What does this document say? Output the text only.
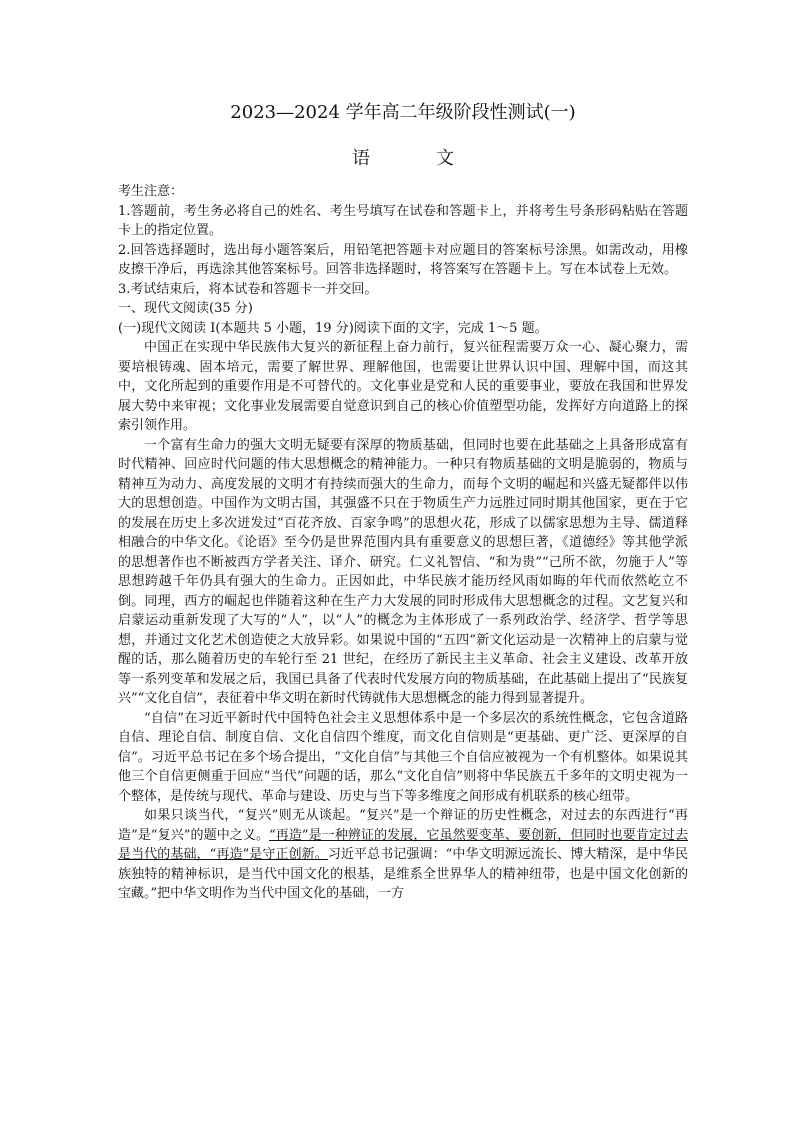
2023—2024 学年高二年级阶段性测试(一)

语　文

考生注意：

1.答题前，考生务必将自己的姓名、考生号填写在试卷和答题卡上，并将考生号条形码粘贴在答题卡上的指定位置。

2.回答选择题时，选出每小题答案后，用铅笔把答题卡对应题目的答案标号涂黑。如需改动，用橡皮擦干净后，再选涂其他答案标号。回答非选择题时，将答案写在答题卡上。写在本试卷上无效。

3.考试结束后，将本试卷和答题卡一并交回。

一、现代文阅读(35 分)

(一)现代文阅读 I(本题共 5 小题，19 分)阅读下面的文字，完成 1～5 题。

中国正在实现中华民族伟大复兴的新征程上奋力前行，复兴征程需要万众一心、凝心聚力，需要培根铸魂、固本培元，需要了解世界、理解他国，也需要让世界认识中国、理解中国，而这其中，文化所起到的重要作用是不可替代的。文化事业是党和人民的重要事业，要放在我国和世界发展大势中来审视；文化事业发展需要自觉意识到自己的核心价值塑型功能，发挥好方向道路上的探索引领作用。

一个富有生命力的强大文明无疑要有深厚的物质基础，但同时也要在此基础之上具备形成富有时代精神、回应时代问题的伟大思想概念的精神能力。一种只有物质基础的文明是脆弱的，物质与精神互为动力、高度发展的文明才有持续而强大的生命力，而每个文明的崛起和兴盛无疑都伴以伟大的思想创造。中国作为文明古国，其强盛不只在于物质生产力远胜过同时期其他国家，更在于它的发展在历史上多次迸发过“百花齐放、百家争鸣”的思想火花，形成了以儒家思想为主导、儒道释相融合的中华文化。《论语》至今仍是世界范围内具有重要意义的思想巨著，《道德经》等其他学派的思想著作也不断被西方学者关注、译介、研究。仁义礼智信、“和为贵”“己所不欲，勿施于人”等思想跨越千年仍具有强大的生命力。正因如此，中华民族才能历经风雨如晦的年代而依然屹立不倒。同理，西方的崛起也伴随着这种在生产力大发展的同时形成伟大思想概念的过程。文艺复兴和启蒙运动重新发现了大写的“人”，以“人”的概念为主体形成了一系列政治学、经济学、哲学等思想，并通过文化艺术创造使之大放异彩。如果说中国的“五四”新文化运动是一次精神上的启蒙与觉醒的话，那么随着历史的车轮行至 21 世纪，在经历了新民主主义革命、社会主义建设、改革开放等一系列变革和发展之后，我国已具备了代表时代发展方向的物质基础，在此基础上提出了“民族复兴”“文化自信”，表征着中华文明在新时代铸就伟大思想概念的能力得到显著提升。

“自信”在习近平新时代中国特色社会主义思想体系中是一个多层次的系统性概念，它包含道路自信、理论自信、制度自信、文化自信四个维度，而文化自信则是“更基础、更广泛、更深厚的自信”。习近平总书记在多个场合提出，“文化自信”与其他三个自信应被视为一个有机整体。如果说其他三个自信更侧重于回应“当代”问题的话，那么“文化自信”则将中华民族五千多年的文明史视为一个整体，是传统与现代、革命与建设、历史与当下等多维度之间形成有机联系的核心纽带。

如果只谈当代，“复兴”则无从谈起。“复兴”是一个辩证的历史性概念，对过去的东西进行“再造”是“复兴”的题中之义。“再造”是一种辨证的发展，它虽然要变革、要创新，但同时也要肯定过去是当代的基础，“再造”是守正创新。习近平总书记强调：“中华文明源远流长、博大精深，是中华民族独特的精神标识，是当代中国文化的根基，是维系全世界华人的精神纽带，也是中国文化创新的宝藏。”把中华文明作为当代中国文化的基础，一方
